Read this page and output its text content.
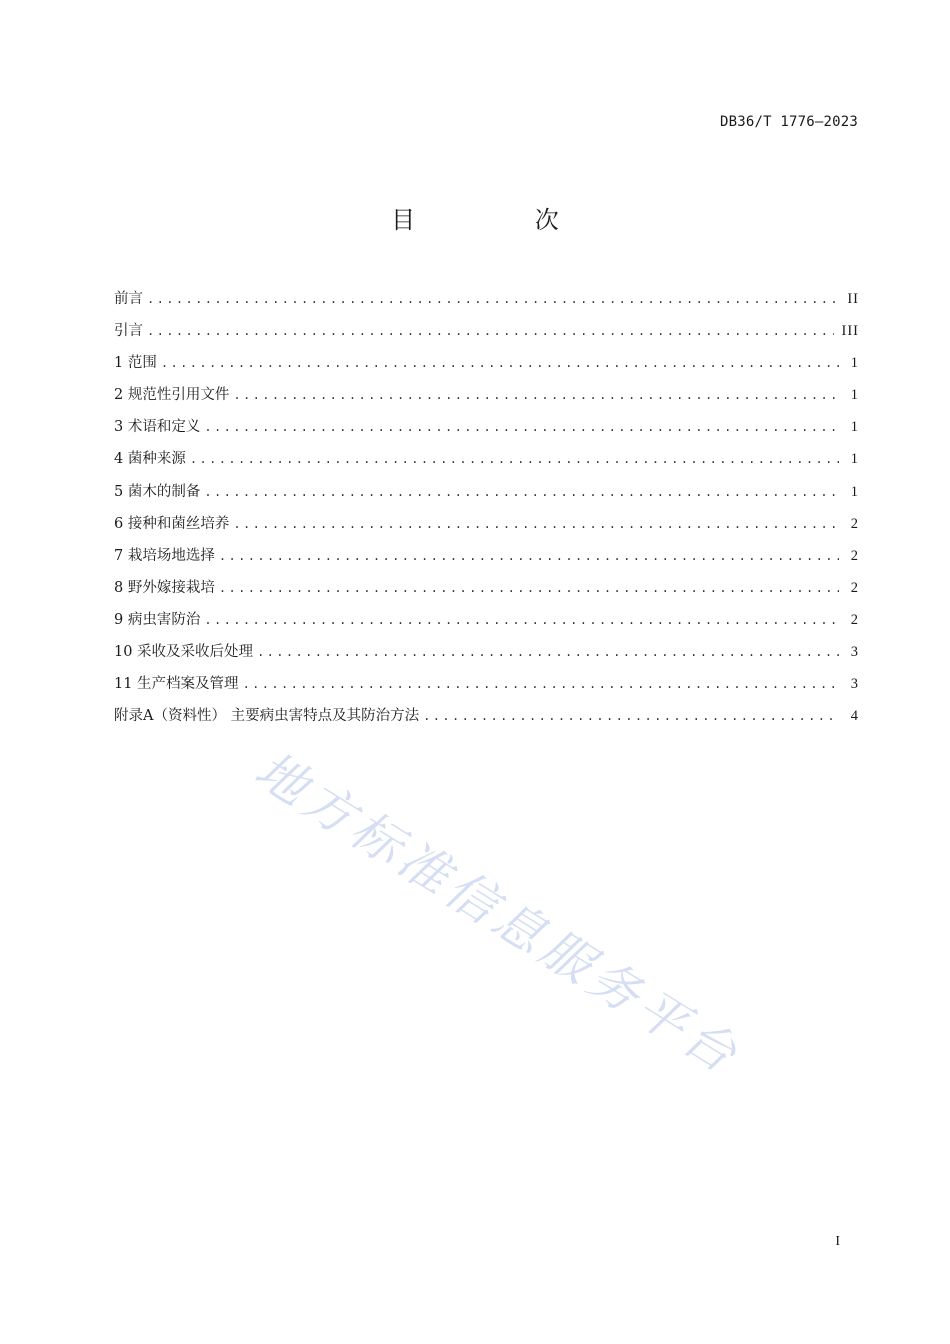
DB36/T 1776—2023
目 次
前言 .....	II
引言 .....	III
1 范围 .....	1
2 规范性引用文件 .....	1
3 术语和定义 .....	1
4 菌种来源 .....	1
5 菌木的制备 .....	1
6 接种和菌丝培养 .....	2
7 栽培场地选择 .....	2
8 野外嫁接栽培 .....	2
9 病虫害防治 .....	2
10 采收及采收后处理 .....	3
11 生产档案及管理 .....	3
附录A（资料性） 主要病虫害特点及其防治方法 .....	4
地方标准信息服务平台
I
